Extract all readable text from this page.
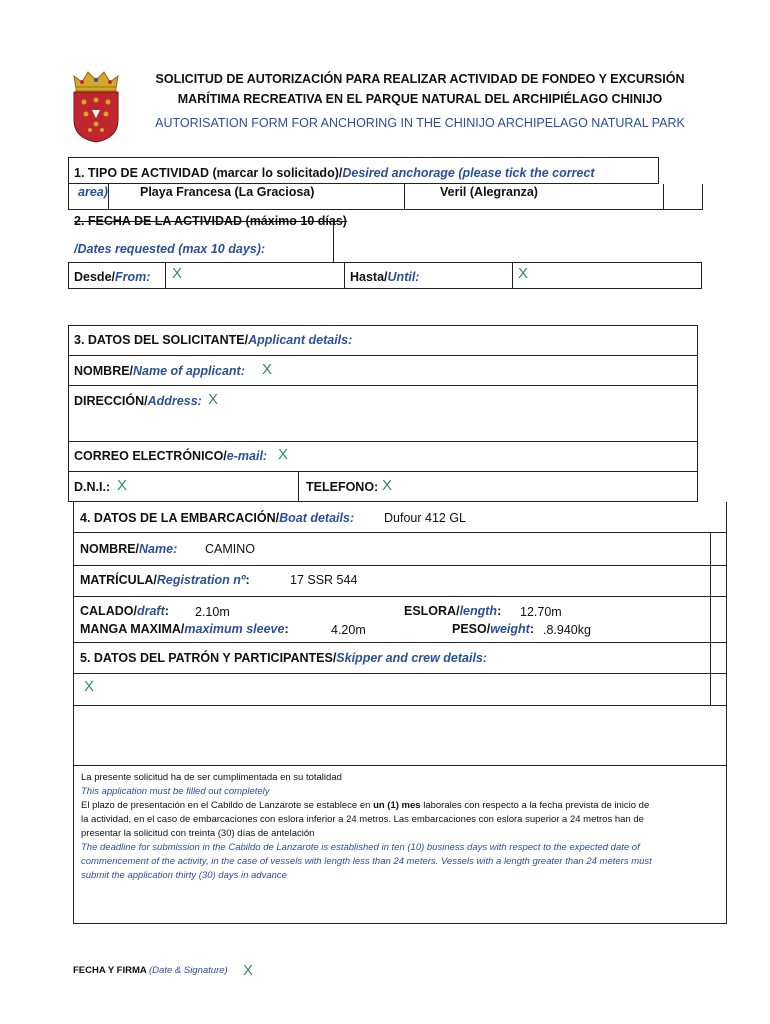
SOLICITUD DE AUTORIZACIÓN PARA REALIZAR ACTIVIDAD DE FONDEO Y EXCURSIÓN
MARÍTIMA RECREATIVA EN EL PARQUE NATURAL DEL ARCHIPIÉLAGO CHINIJO
AUTORISATION FORM FOR ANCHORING IN THE CHINIJO ARCHIPELAGO NATURAL PARK
1. TIPO DE ACTIVIDAD (marcar lo solicitado)/Desired anchorage (please tick the correct
area)	Playa Francesa (La Graciosa)	Veril (Alegranza)
2. FECHA DE LA ACTIVIDAD (máximo 10 días)
/Dates requested (max 10 days):
Desde/From: X	Hasta/Until:	X
3. DATOS DEL SOLICITANTE/Applicant details:
NOMBRE/Name of applicant: X
DIRECCIÓN/Address: X
CORREO ELECTRÓNICO/e-mail: X
D.N.I.: X	TELEFONO: X
4. DATOS DE LA EMBARCACIÓN/Boat details: Dufour 412 GL
NOMBRE/Name: CAMINO
MATRÍCULA/Registration nº:	17 SSR 544
CALADO/draft: 2.10m	ESLORA/length: 12.70m
MANGA MAXIMA/maximum sleeve:	4.20m	PESO/weight: .8.940kg
5. DATOS DEL PATRÓN Y PARTICIPANTES/Skipper and crew details:
X
La presente solicitud ha de ser cumplimentada en su totalidad
This application must be filled out completely
El plazo de presentación en el Cabildo de Lanzarote se establece en un (1) mes laborales con respecto a la fecha prevista de inicio de
la actividad, en el caso de embarcaciones con eslora inferior a 24 metros. Las embarcaciones con eslora superior a 24 metros han de
presentar la solicitud con treinta (30) días de antelación
The deadline for submission in the Cabildo de Lanzarote is established in ten (10) business days with respect to the expected date of
commencement of the activity, in the case of vessels with length less than 24 meters. Vessels with a length greater than 24 meters must
submit the application thirty (30) days in advance
FECHA Y FIRMA (Date & Signature) X
